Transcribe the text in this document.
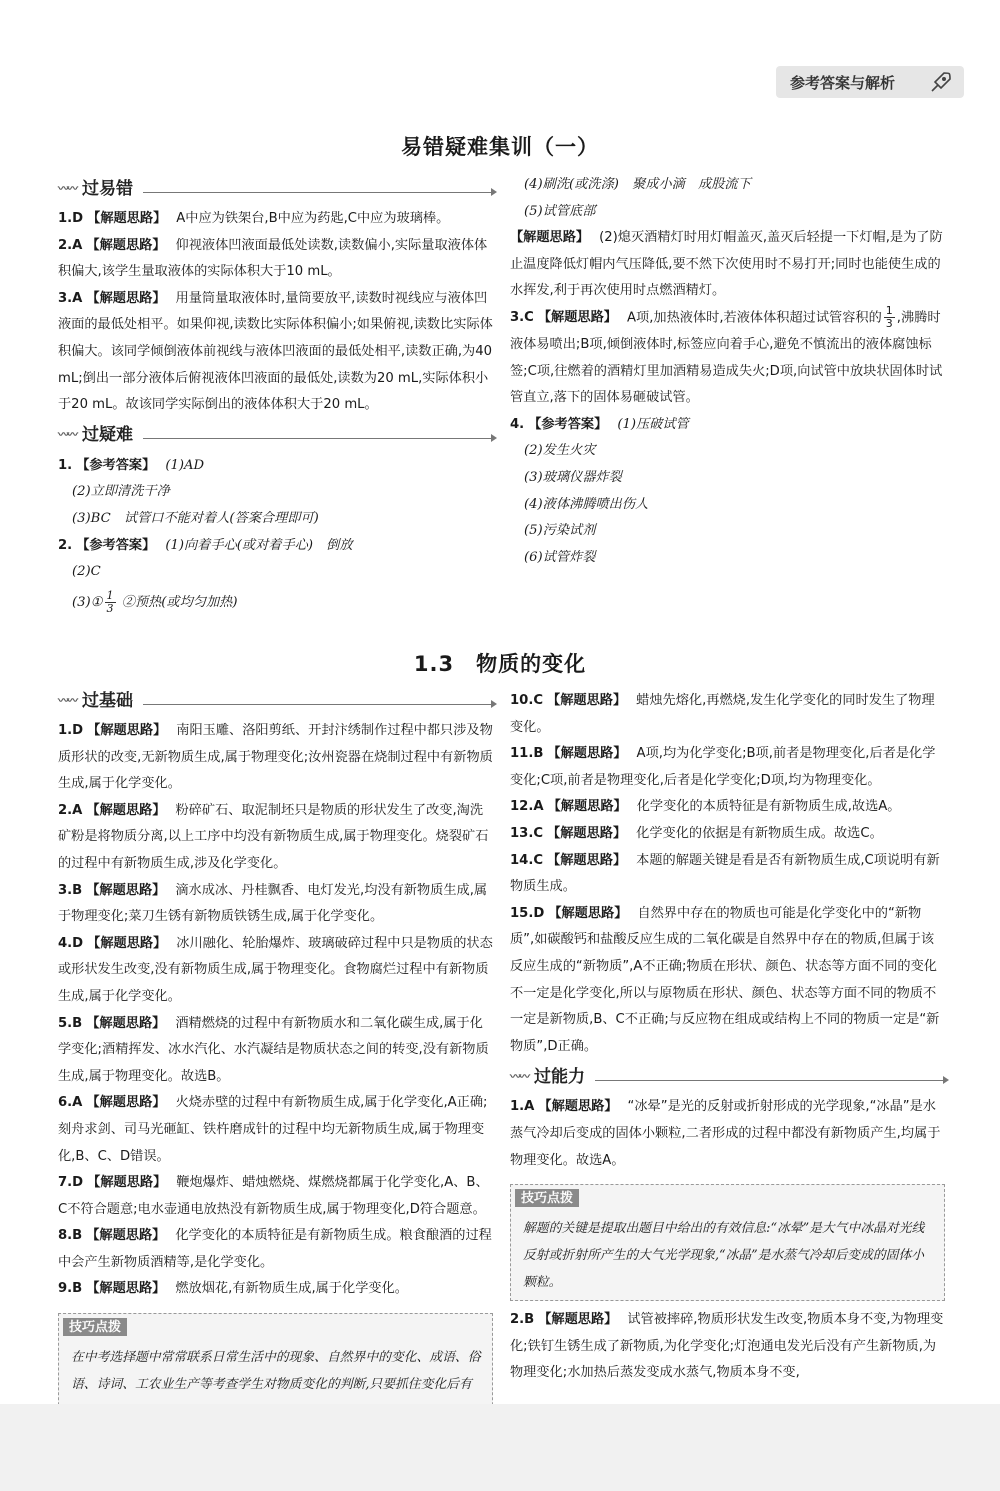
参考答案与解析
易错疑难集训（一）
〰〰 过易错

1.D 【解题思路】 A中应为铁架台,B中应为药匙,C中应为玻璃棒。

2.A 【解题思路】 仰视液体凹液面最低处读数,读数偏小,实际量取液体体积偏大,该学生量取液体的实际体积大于10 mL。

3.A 【解题思路】 用量筒量取液体时,量筒要放平,读数时视线应与液体凹液面的最低处相平。如果仰视,读数比实际体积偏小;如果俯视,读数比实际体积偏大。该同学倾倒液体前视线与液体凹液面的最低处相平,读数正确,为40 mL;倒出一部分液体后俯视液体凹液面的最低处,读数为20 mL,实际体积小于20 mL。故该同学实际倒出的液体体积大于20 mL。

〰〰 过疑难

1. 【参考答案】 (1)AD

(2)立即清洗干净

(3)BC　试管口不能对着人(答案合理即可)

2. 【参考答案】 (1)向着手心(或对着手心)　倒放

(2)C

(3)① $\frac{1}{3}$ ②预热(或均匀加热)

(4)刷洗(或洗涤)　聚成小滴　成股流下

(5)试管底部

【解题思路】 (2)熄灭酒精灯时用灯帽盖灭,盖灭后轻提一下灯帽,是为了防止温度降低灯帽内气压降低,要不然下次使用时不易打开;同时也能使生成的水挥发,利于再次使用时点燃酒精灯。

3.C 【解题思路】 A项,加热液体时,若液体体积超过试管容积的 $\frac{1}{3}$ ,沸腾时液体易喷出;B项,倾倒液体时,标签应向着手心,避免不慎流出的液体腐蚀标签;C项,往燃着的酒精灯里加酒精易造成失火;D项,向试管中放块状固体时试管直立,落下的固体易砸破试管。

4. 【参考答案】 (1)压破试管

(2)发生火灾

(3)玻璃仪器炸裂

(4)液体沸腾喷出伤人

(5)污染试剂

(6)试管炸裂

1.3　物质的变化
〰〰 过基础

1.D 【解题思路】 南阳玉雕、洛阳剪纸、开封汴绣制作过程中都只涉及物质形状的改变,无新物质生成,属于物理变化;汝州瓷器在烧制过程中有新物质生成,属于化学变化。

2.A 【解题思路】 粉碎矿石、取泥制坯只是物质的形状发生了改变,淘洗矿粉是将物质分离,以上工序中均没有新物质生成,属于物理变化。烧裂矿石的过程中有新物质生成,涉及化学变化。

3.B 【解题思路】 滴水成冰、丹桂飘香、电灯发光,均没有新物质生成,属于物理变化;菜刀生锈有新物质铁锈生成,属于化学变化。

4.D 【解题思路】 冰川融化、轮胎爆炸、玻璃破碎过程中只是物质的状态或形状发生改变,没有新物质生成,属于物理变化。食物腐烂过程中有新物质生成,属于化学变化。

5.B 【解题思路】 酒精燃烧的过程中有新物质水和二氧化碳生成,属于化学变化;酒精挥发、冰水汽化、水汽凝结是物质状态之间的转变,没有新物质生成,属于物理变化。故选B。

6.A 【解题思路】 火烧赤壁的过程中有新物质生成,属于化学变化,A正确;刻舟求剑、司马光砸缸、铁杵磨成针的过程中均无新物质生成,属于物理变化,B、C、D错误。

7.D 【解题思路】 鞭炮爆炸、蜡烛燃烧、煤燃烧都属于化学变化,A、B、C不符合题意;电水壶通电放热没有新物质生成,属于物理变化,D符合题意。

8.B 【解题思路】 化学变化的本质特征是有新物质生成。粮食酿酒的过程中会产生新物质酒精等,是化学变化。

9.B 【解题思路】 燃放烟花,有新物质生成,属于化学变化。

技巧点拨
在中考选择题中常常联系日常生活中的现象、自然界中的变化、成语、俗语、诗词、工农业生产等考查学生对物质变化的判断,只要抓住变化后有

10.C 【解题思路】 蜡烛先熔化,再燃烧,发生化学变化的同时发生了物理变化。

11.B 【解题思路】 A项,均为化学变化;B项,前者是物理变化,后者是化学变化;C项,前者是物理变化,后者是化学变化;D项,均为物理变化。

12.A 【解题思路】 化学变化的本质特征是有新物质生成,故选A。

13.C 【解题思路】 化学变化的依据是有新物质生成。故选C。

14.C 【解题思路】 本题的解题关键是看是否有新物质生成,C项说明有新物质生成。

15.D 【解题思路】 自然界中存在的物质也可能是化学变化中的“新物质”,如碳酸钙和盐酸反应生成的二氧化碳是自然界中存在的物质,但属于该反应生成的“新物质”,A不正确;物质在形状、颜色、状态等方面不同的变化不一定是化学变化,所以与原物质在形状、颜色、状态等方面不同的物质不一定是新物质,B、C不正确;与反应物在组成或结构上不同的物质一定是“新物质”,D正确。

〰〰 过能力

1.A 【解题思路】 “冰晕”是光的反射或折射形成的光学现象,“冰晶”是水蒸气冷却后变成的固体小颗粒,二者形成的过程中都没有新物质产生,均属于物理变化。故选A。

技巧点拨
解题的关键是提取出题目中给出的有效信息:“冰晕”是大气中冰晶对光线反射或折射所产生的大气光学现象,“冰晶”是水蒸气冷却后变成的固体小颗粒。

2.B 【解题思路】 试管被摔碎,物质形状发生改变,物质本身不变,为物理变化;铁钉生锈生成了新物质,为化学变化;灯泡通电发光后没有产生新物质,为物理变化;水加热后蒸发变成水蒸气,物质本身不变,
